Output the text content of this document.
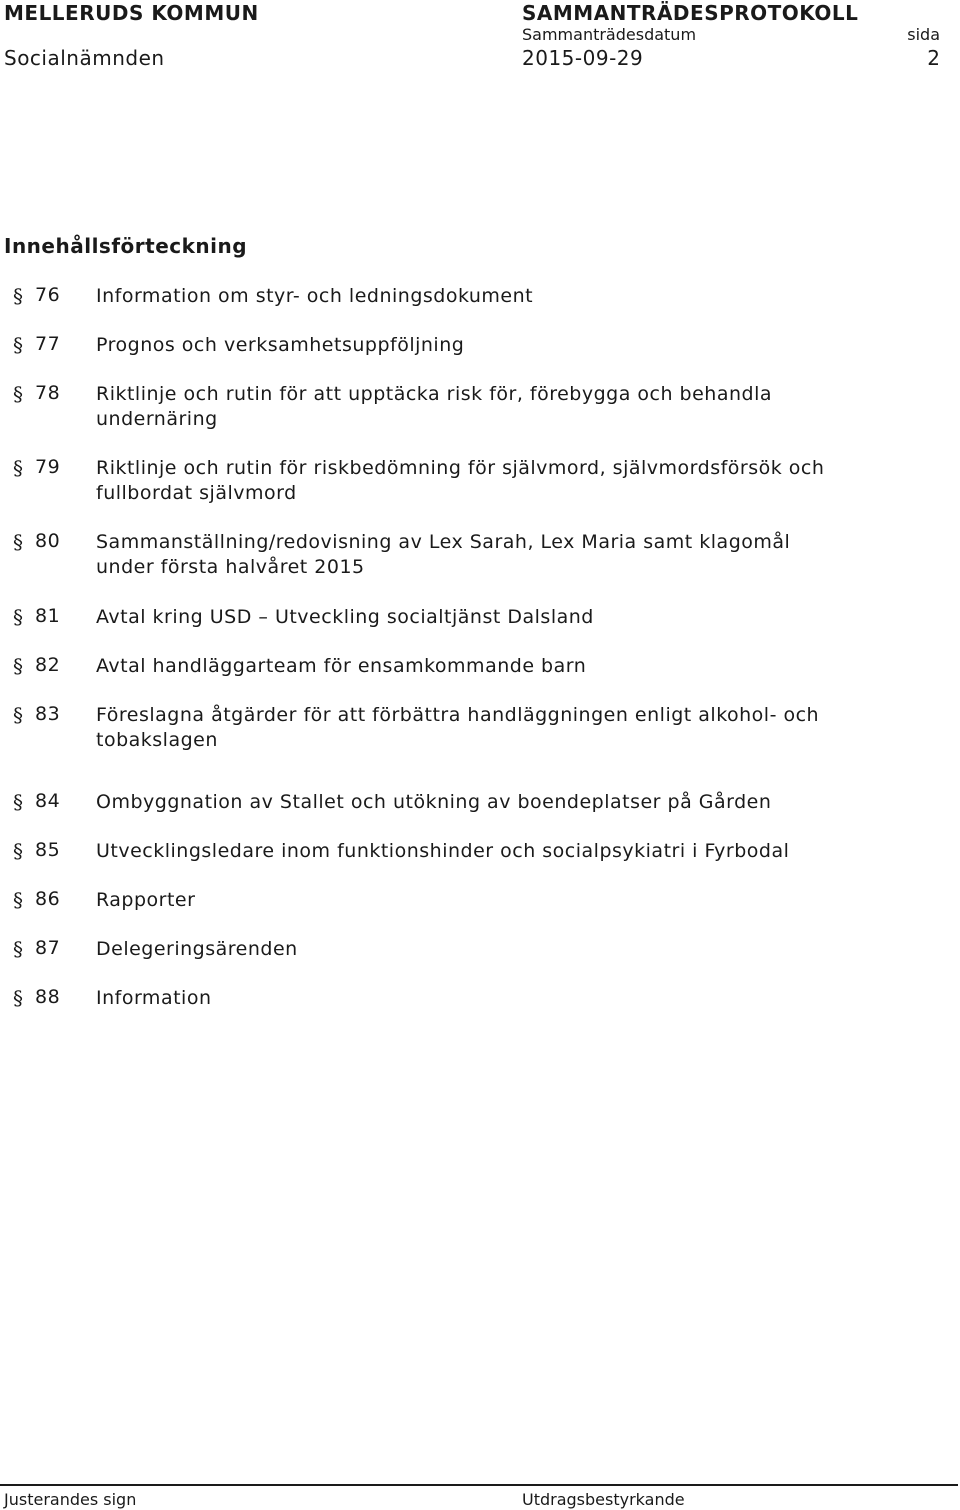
MELLERUDS KOMMUN	SAMMANTRÄDESPROTOKOLL
Sammanträdesdatum	sida
Socialnämnden	2015-09-29	2
Innehållsförteckning
§ 76 Information om styr- och ledningsdokument
§ 77 Prognos och verksamhetsuppföljning
§ 78 Riktlinje och rutin för att upptäcka risk för, förebygga och behandla undernäring
§ 79 Riktlinje och rutin för riskbedömning för självmord, självmordsförsök och fullbordat självmord
§ 80 Sammanställning/redovisning av Lex Sarah, Lex Maria samt klagomål under första halvåret 2015
§ 81 Avtal kring USD – Utveckling socialtjänst Dalsland
§ 82 Avtal handläggarteam för ensamkommande barn
§ 83 Föreslagna åtgärder för att förbättra handläggningen enligt alkohol- och tobakslagen
§ 84 Ombyggnation av Stallet och utökning av boendeplatser på Gården
§ 85 Utvecklingsledare inom funktionshinder och socialpsykiatri i Fyrbodal
§ 86 Rapporter
§ 87 Delegeringsärenden
§ 88 Information
Justerandes sign	Utdragsbestyrkande
